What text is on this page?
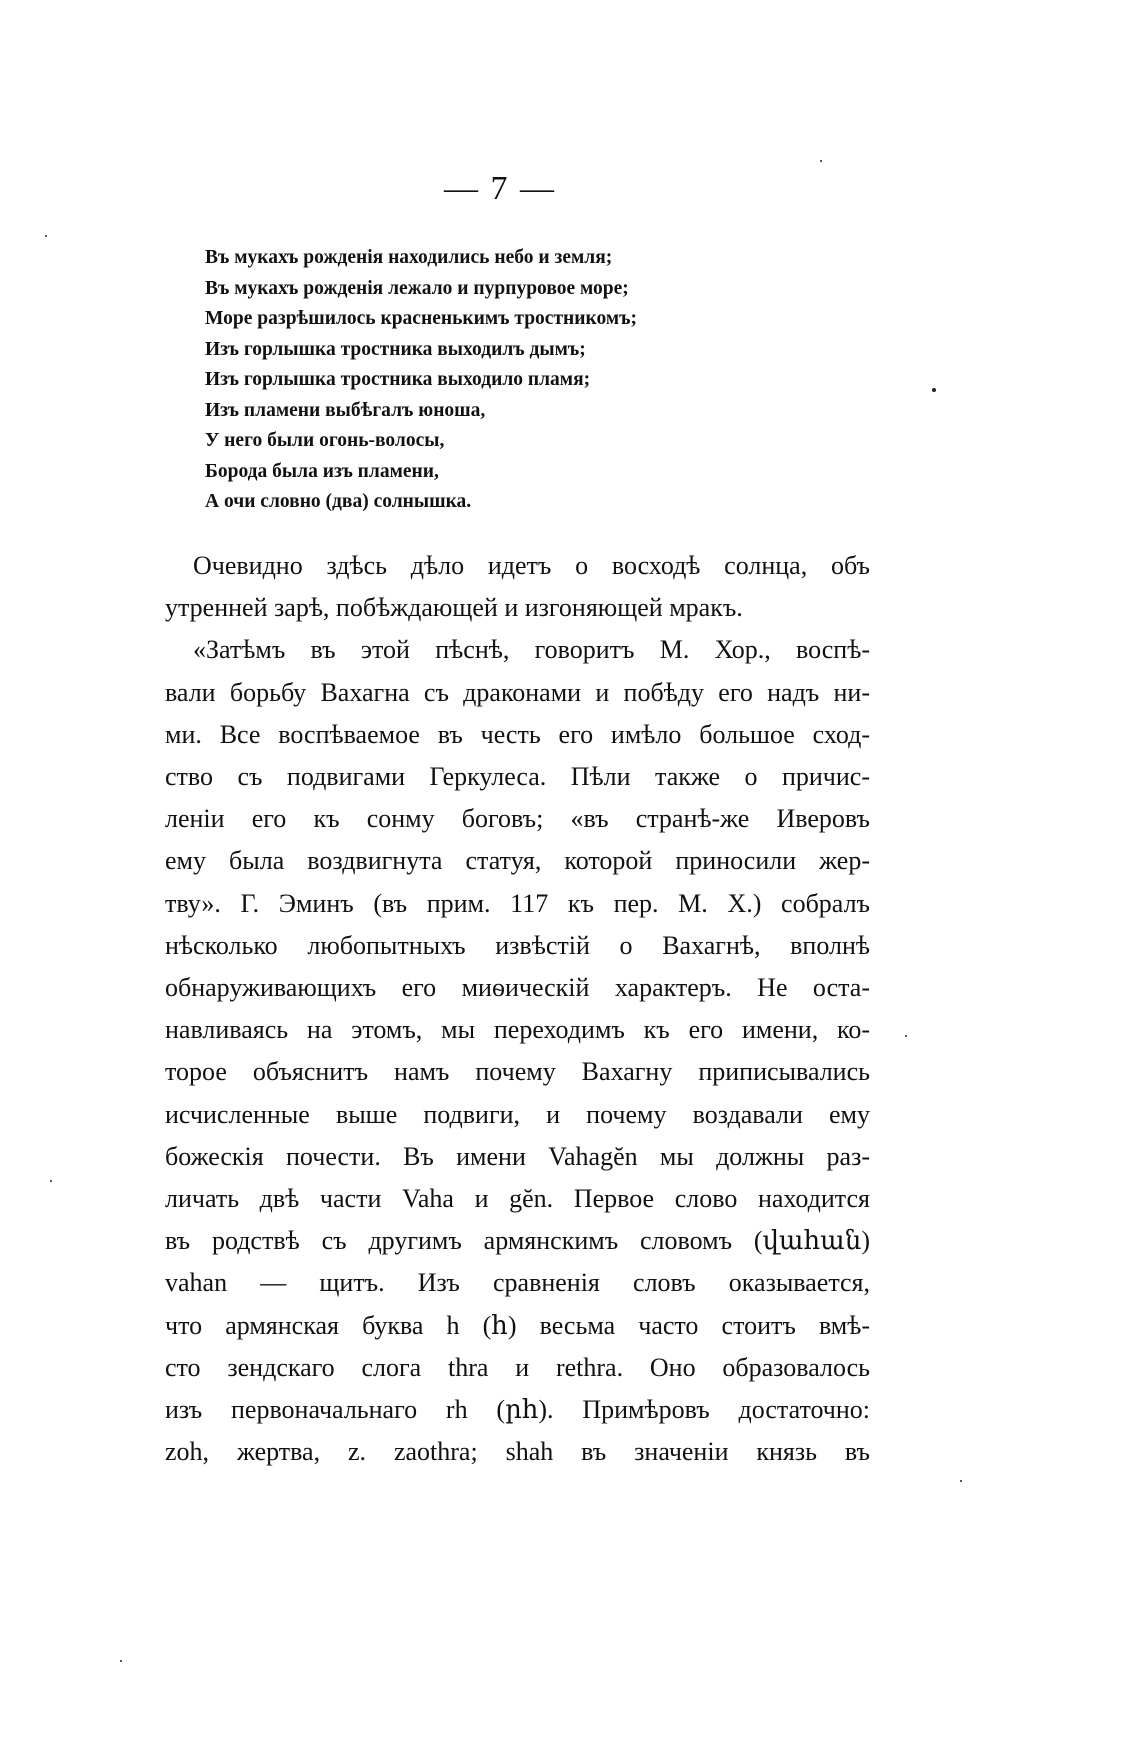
— 7 —
Въ мукахъ рожденія находились небо и земля;
Въ мукахъ рожденія лежало и пурпуровое море;
Море разрѣшилось красненькимъ тростникомъ;
Изъ горлышка тростника выходилъ дымъ;
Изъ горлышка тростника выходило пламя;
Изъ пламени выбѣгалъ юноша,
У него были огонь-волосы,
Борода была изъ пламени,
А очи словно (два) солнышка.
Очевидно здѣсь дѣло идетъ о восходѣ солнца, объ
утренней зарѣ, побѣждающей и изгоняющей мракъ.
«Затѣмъ въ этой пѣснѣ, говоритъ М. Хор., воспѣ-
вали борьбу Вахагна съ драконами и побѣду его надъ ни-
ми. Все воспѣваемое въ честь его имѣло большое сход-
ство съ подвигами Геркулеса. Пѣли также о причис-
леніи его къ сонму боговъ; «въ странѣ-же Иверовъ
ему была воздвигнута статуя, которой приносили жер-
тву». Г. Эминъ (въ прим. 117 къ пер. М. Х.) собралъ
нѣсколько любопытныхъ извѣстій о Вахагнѣ, вполнѣ
обнаруживающихъ его миѳическій характеръ. Не оста-
навливаясь на этомъ, мы переходимъ къ его имени, ко-
торое объяснитъ намъ почему Вахагну приписывались
исчисленные выше подвиги, и почему воздавали ему
божескія почести. Въ имени Vahagĕn мы должны раз-
личать двѣ части Vaha и gĕn. Первое слово находится
въ родствѣ съ другимъ армянскимъ словомъ (վահան)
vahan — щитъ. Изъ сравненія словъ оказывается,
что армянская буква h (հ) весьма часто стоитъ вмѣ-
сто зендскаго слога thra и rethra. Оно образовалось
изъ первоначальнаго rh (րհ). Примѣровъ достаточно:
zoh, жертва, z. zaothra; shah въ значеніи князь въ
